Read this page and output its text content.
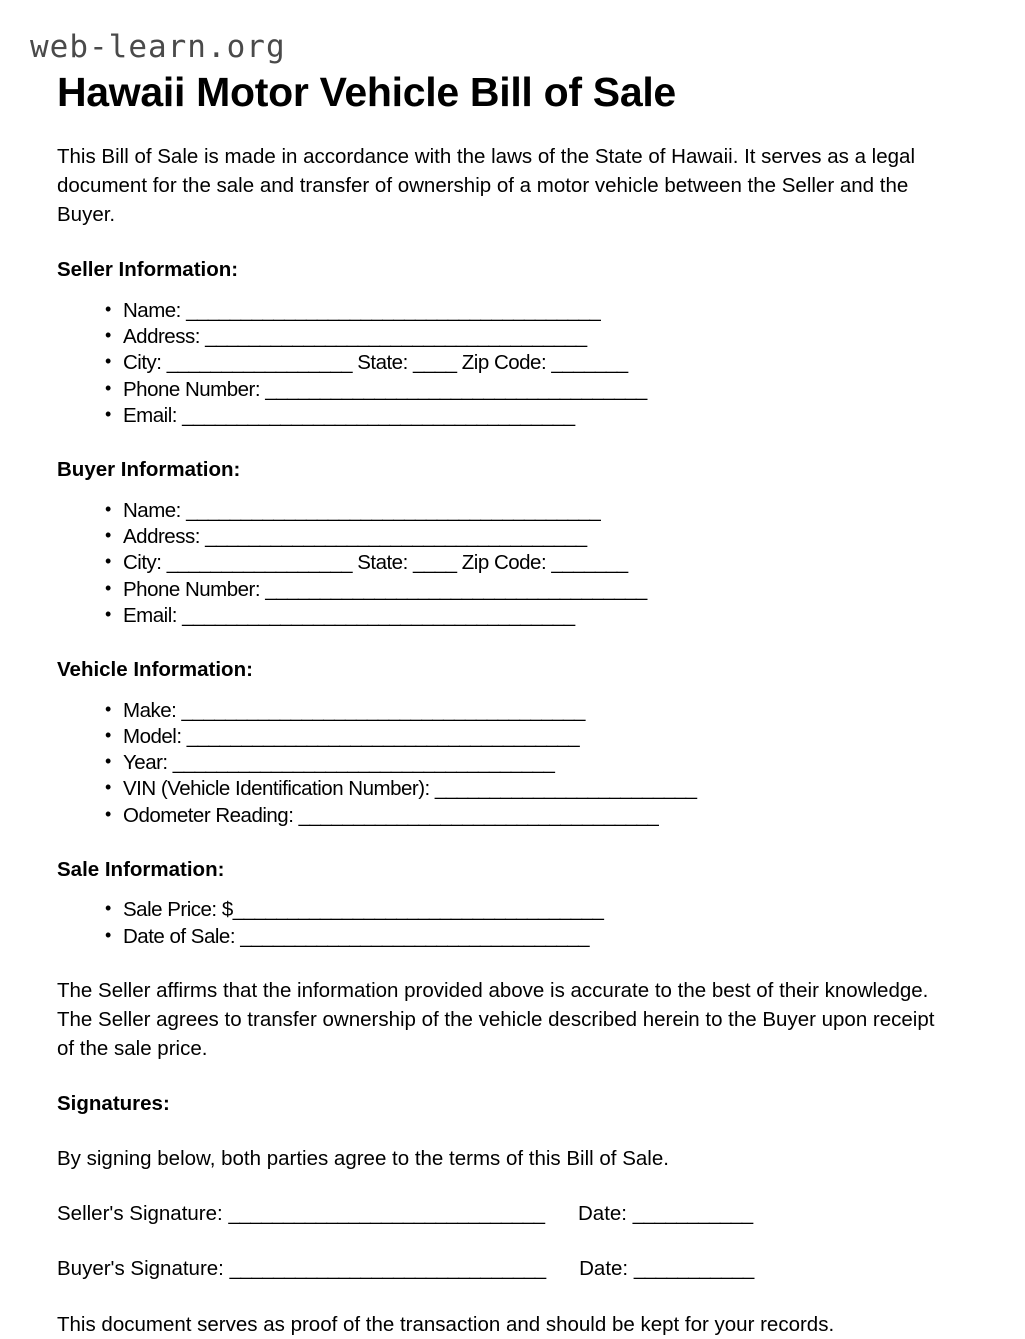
web-learn.org
Hawaii Motor Vehicle Bill of Sale

This Bill of Sale is made in accordance with the laws of the State of Hawaii. It serves as a legal document for the sale and transfer of ownership of a motor vehicle between the Seller and the Buyer.

Seller Information:
• Name: ______________________________________
• Address: ___________________________________
• City: _________________ State: ____ Zip Code: _______
• Phone Number: ___________________________________
• Email: ____________________________________
Buyer Information:
• Name: ______________________________________
• Address: ___________________________________
• City: _________________ State: ____ Zip Code: _______
• Phone Number: ___________________________________
• Email: ____________________________________
Vehicle Information:
• Make: _____________________________________
• Model: ____________________________________
• Year: ___________________________________
• VIN (Vehicle Identification Number): ________________________
• Odometer Reading: _________________________________
Sale Information:
• Sale Price: $__________________________________
• Date of Sale: ________________________________

The Seller affirms that the information provided above is accurate to the best of their knowledge. The Seller agrees to transfer ownership of the vehicle described herein to the Buyer upon receipt of the sale price.

Signatures:

By signing below, both parties agree to the terms of this Bill of Sale.

Seller's Signature: _____________________________ Date: ___________
Buyer's Signature: _____________________________ Date: ___________

This document serves as proof of the transaction and should be kept for your records.
